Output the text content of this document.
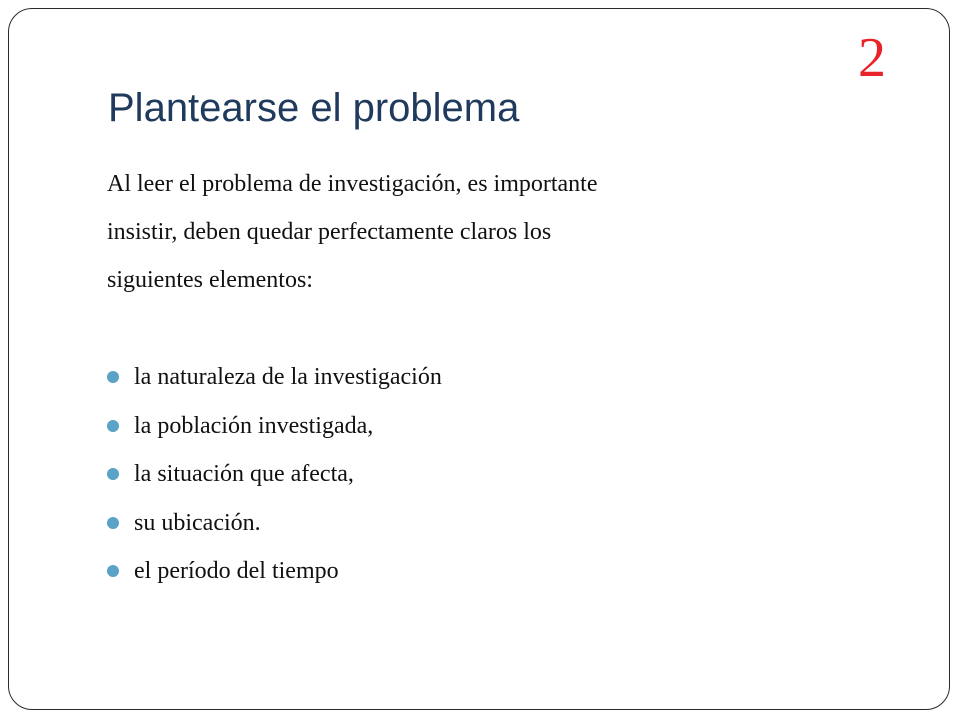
2
Plantearse el problema

Al leer el problema de investigación, es importante
insistir, deben quedar perfectamente claros los
siguientes elementos:

la naturaleza de la investigación
la población investigada,
la situación que afecta,
su ubicación.
el período del tiempo
